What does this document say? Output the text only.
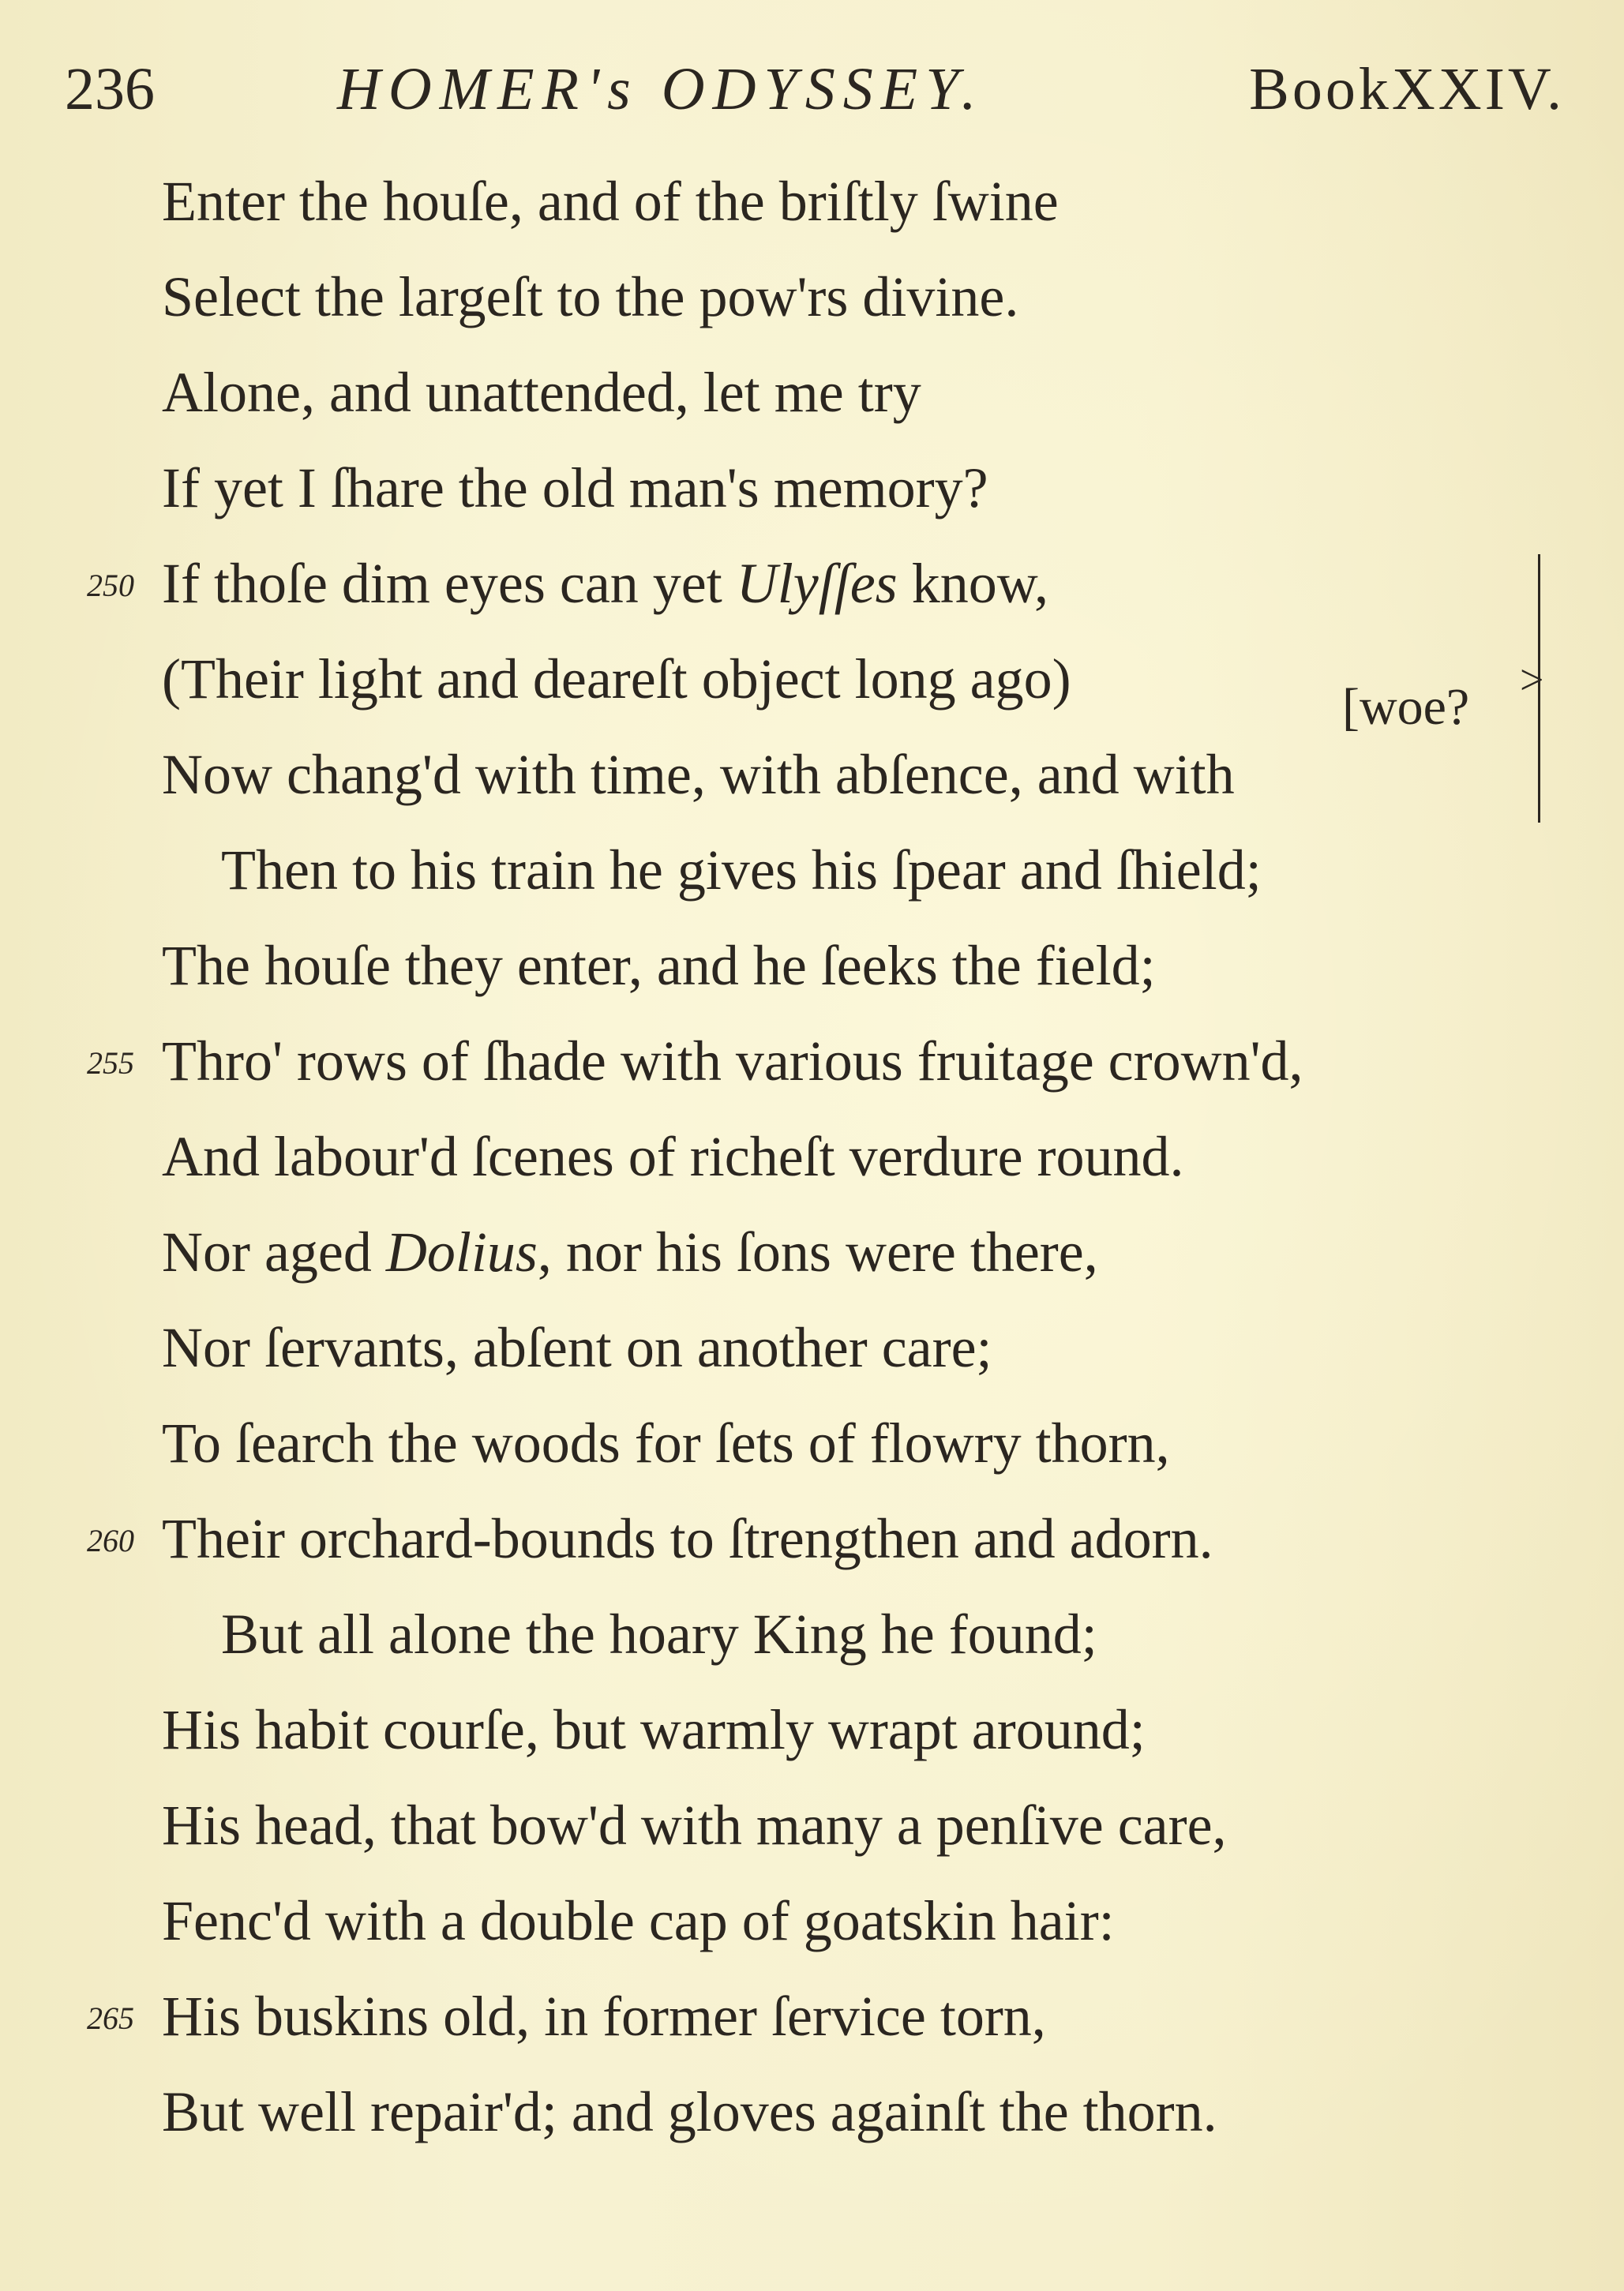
236	HOMER's ODYSSEY.	BookXXIV.
Enter the houſe, and of the briſtly ſwine
Select the largeſt to the pow'rs divine.
Alone, and unattended, let me try
If yet I ſhare the old man's memory?
250 If thoſe dim eyes can yet Ulyſſes know,
(Their light and deareſt object long ago)
Now chang'd with time, with abſence, and with
Then to his train he gives his ſpear and ſhield;
The houſe they enter, and he ſeeks the field;
255 Thro' rows of ſhade with various fruitage crown'd,
And labour'd ſcenes of richeſt verdure round.
Nor aged Dolius, nor his ſons were there,
Nor ſervants, abſent on another care;
To ſearch the woods for ſets of flowry thorn,
260 Their orchard-bounds to ſtrengthen and adorn.
But all alone the hoary King he found;
His habit courſe, but warmly wrapt around;
His head, that bow'd with many a penſive care,
Fenc'd with a double cap of goatskin hair:
265 His buskins old, in former ſervice torn,
But well repair'd; and gloves againſt the thorn.
[woe? >
